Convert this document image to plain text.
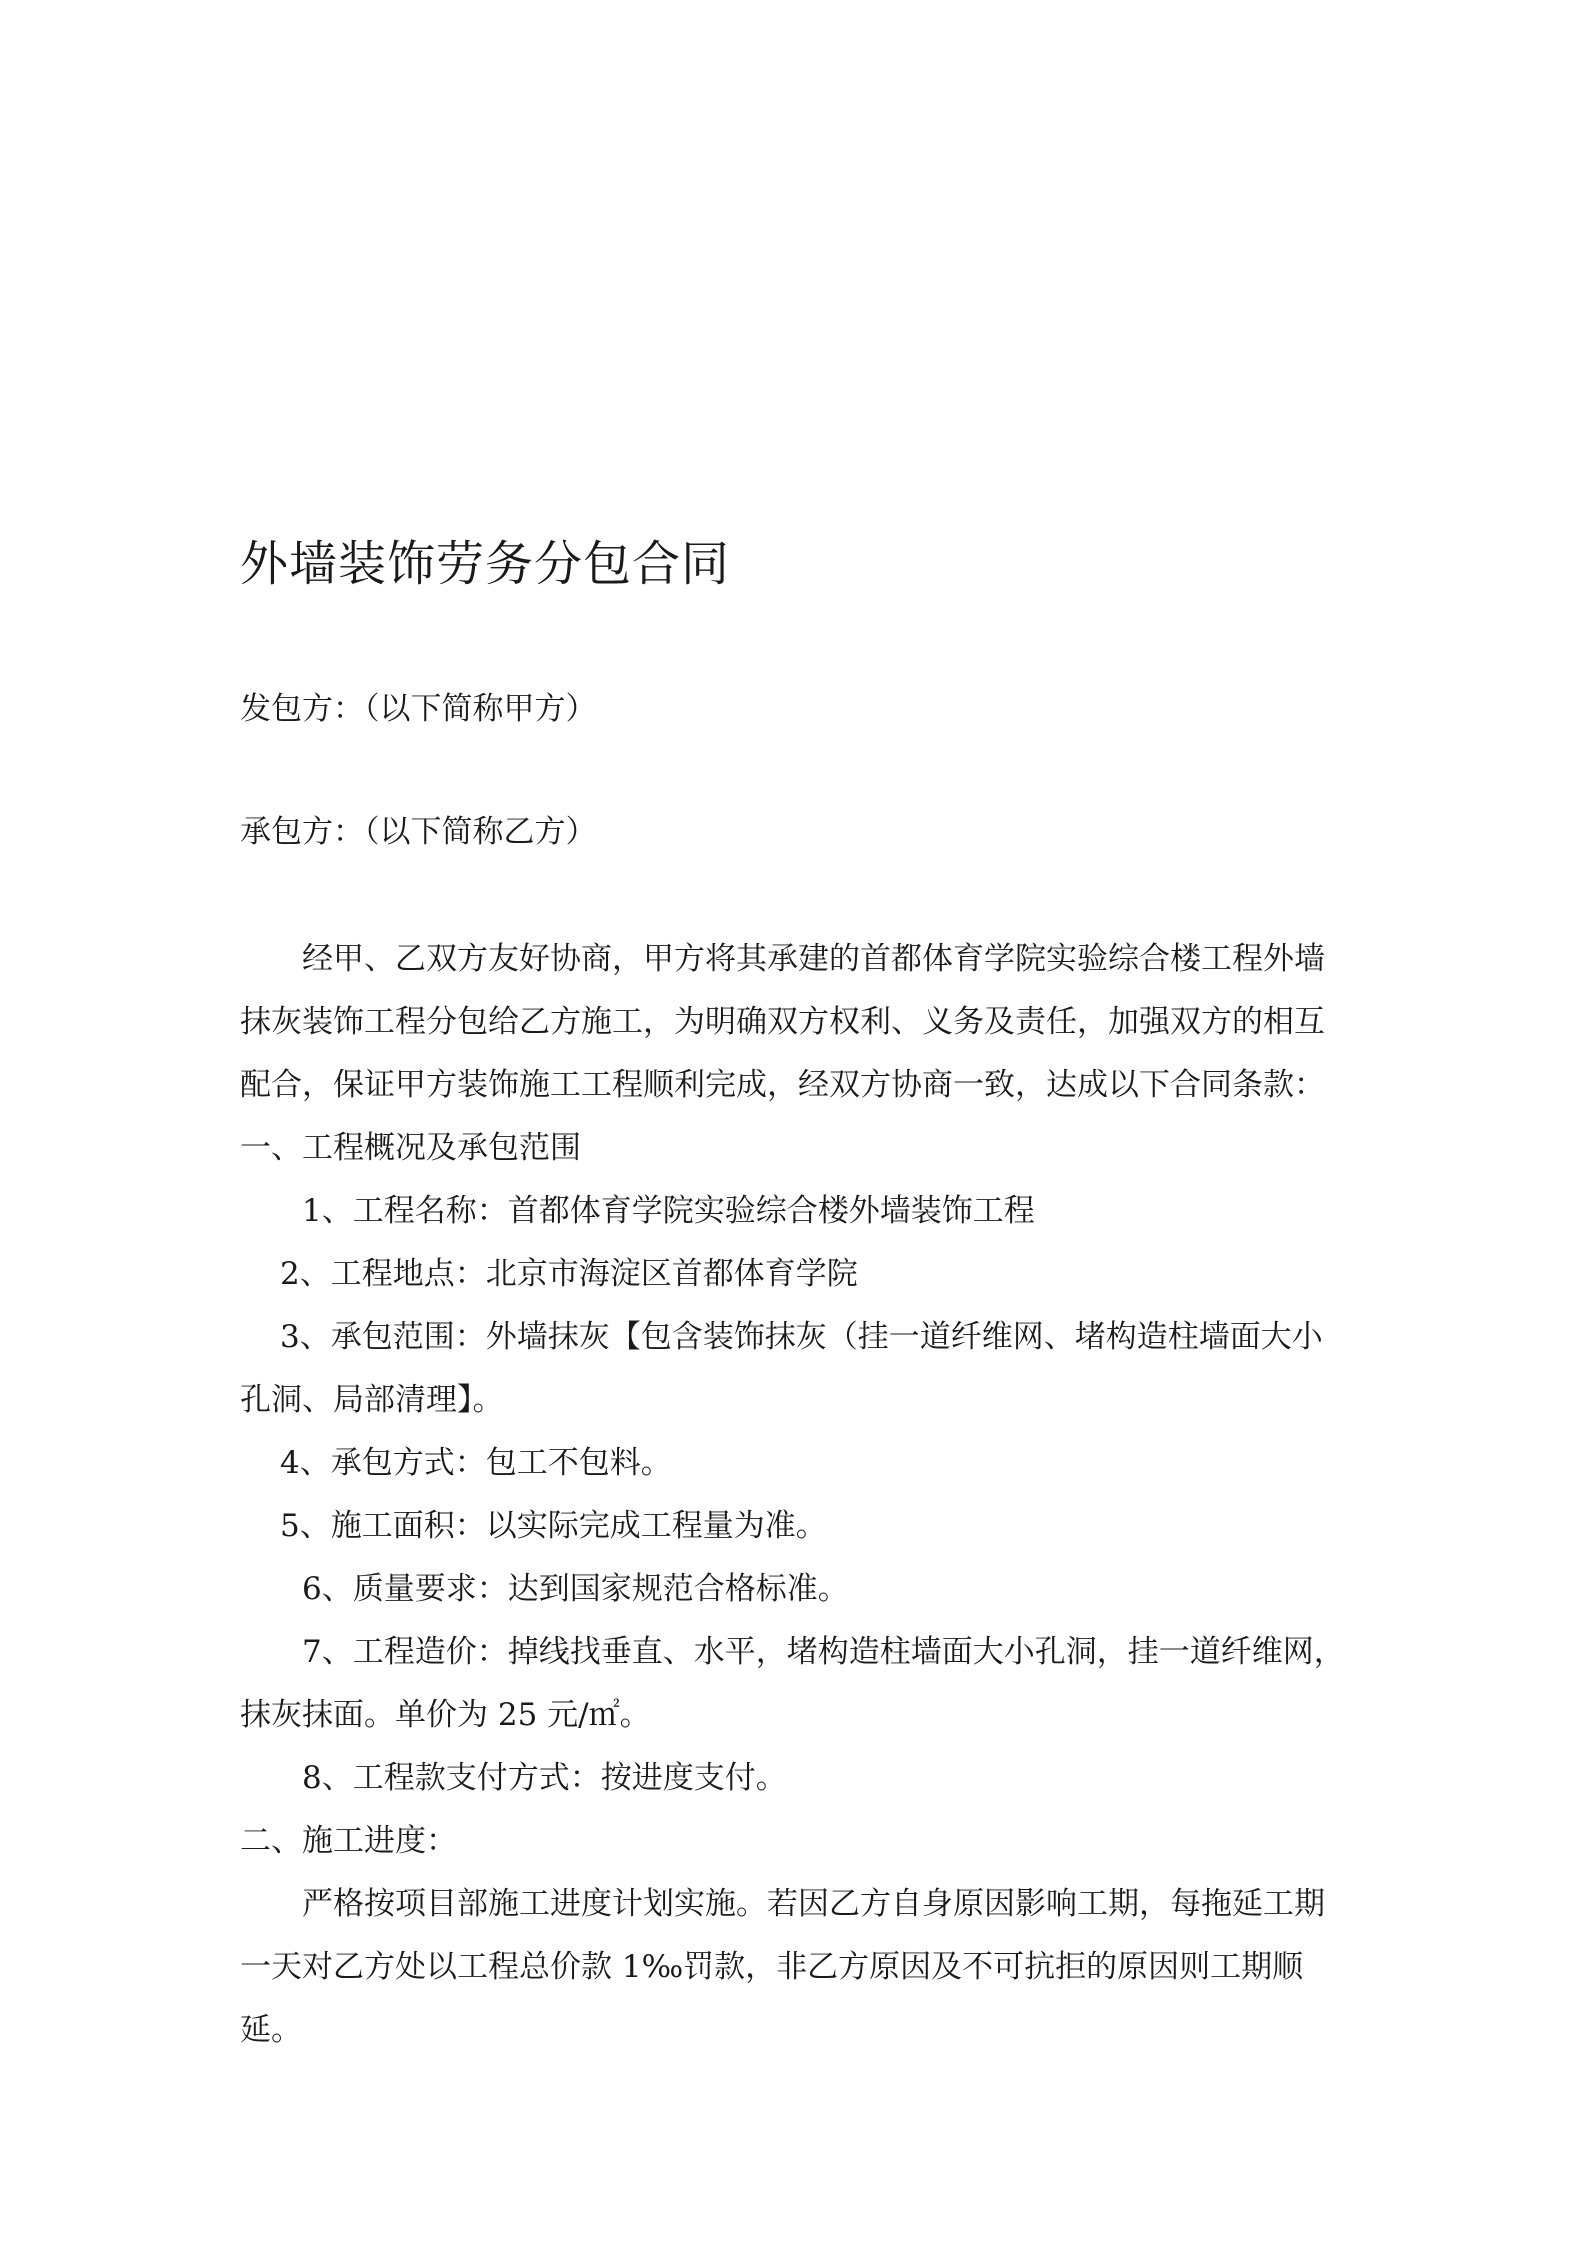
外墙装饰劳务分包合同

发包方：（以下简称甲方）

承包方：（以下简称乙方）

经甲、乙双方友好协商，甲方将其承建的首都体育学院实验综合楼工程外墙

抹灰装饰工程分包给乙方施工，为明确双方权利、义务及责任，加强双方的相互

配合，保证甲方装饰施工工程顺利完成，经双方协商一致，达成以下合同条款：

一、工程概况及承包范围

1、工程名称：首都体育学院实验综合楼外墙装饰工程

2、工程地点：北京市海淀区首都体育学院

3、承包范围：外墙抹灰【包含装饰抹灰（挂一道纤维网、堵构造柱墙面大小

孔洞、局部清理】。

4、承包方式：包工不包料。

5、施工面积：以实际完成工程量为准。

6、质量要求：达到国家规范合格标准。

7、工程造价：掉线找垂直、水平，堵构造柱墙面大小孔洞，挂一道纤维网，

抹灰抹面。单价为 25 元/㎡。

8、工程款支付方式：按进度支付。

二、施工进度：

严格按项目部施工进度计划实施。若因乙方自身原因影响工期，每拖延工期

一天对乙方处以工程总价款 1‰罚款，非乙方原因及不可抗拒的原因则工期顺

延。
